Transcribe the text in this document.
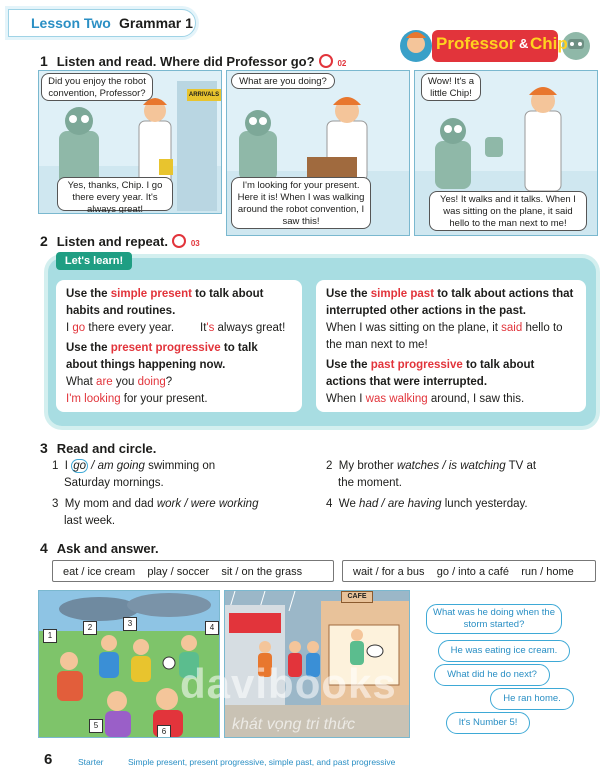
Lesson Two Grammar 1
Professor & Chip
1 Listen and read. Where did Professor go?	02
ARRIVALS
Did you enjoy the robot convention, Professor?
Yes, thanks, Chip. I go there every year. It's always great!
What are you doing?
I'm looking for your present. Here it is! When I was walking around the robot convention, I saw this!
Wow! It's a little Chip!
Yes! It walks and it talks. When I was sitting on the plane, it said hello to the man next to me!
2 Listen and repeat.	03
Let's learn!
Use the simple present to talk about habits and routines.
I go there every year. It's always great!
Use the present progressive to talk about things happening now.
What are you doing?
I'm looking for your present.
Use the simple past to talk about actions that interrupted other actions in the past.
When I was sitting on the plane, it said hello to the man next to me!
Use the past progressive to talk about actions that were interrupted.
When I was walking around, I saw this.
3 Read and circle.
1 I go / am going swimming on
Saturday mornings.
2 My brother watches / is watching TV at
the moment.
3 My mom and dad work / were working
last week.
4 We had / are having lunch yesterday.
4 Ask and answer.
eat / ice cream play / soccer sit / on the grass	wait / for a bus go / into a café run / home
1
2	3	4
5
6
CAFE
What was he doing when the storm started?
He was eating ice cream.
What did he do next?
He ran home.
It's Number 5!
davibooks
khát vọng tri thức
6	Starter	Simple present, present progressive, simple past, and past progressive
